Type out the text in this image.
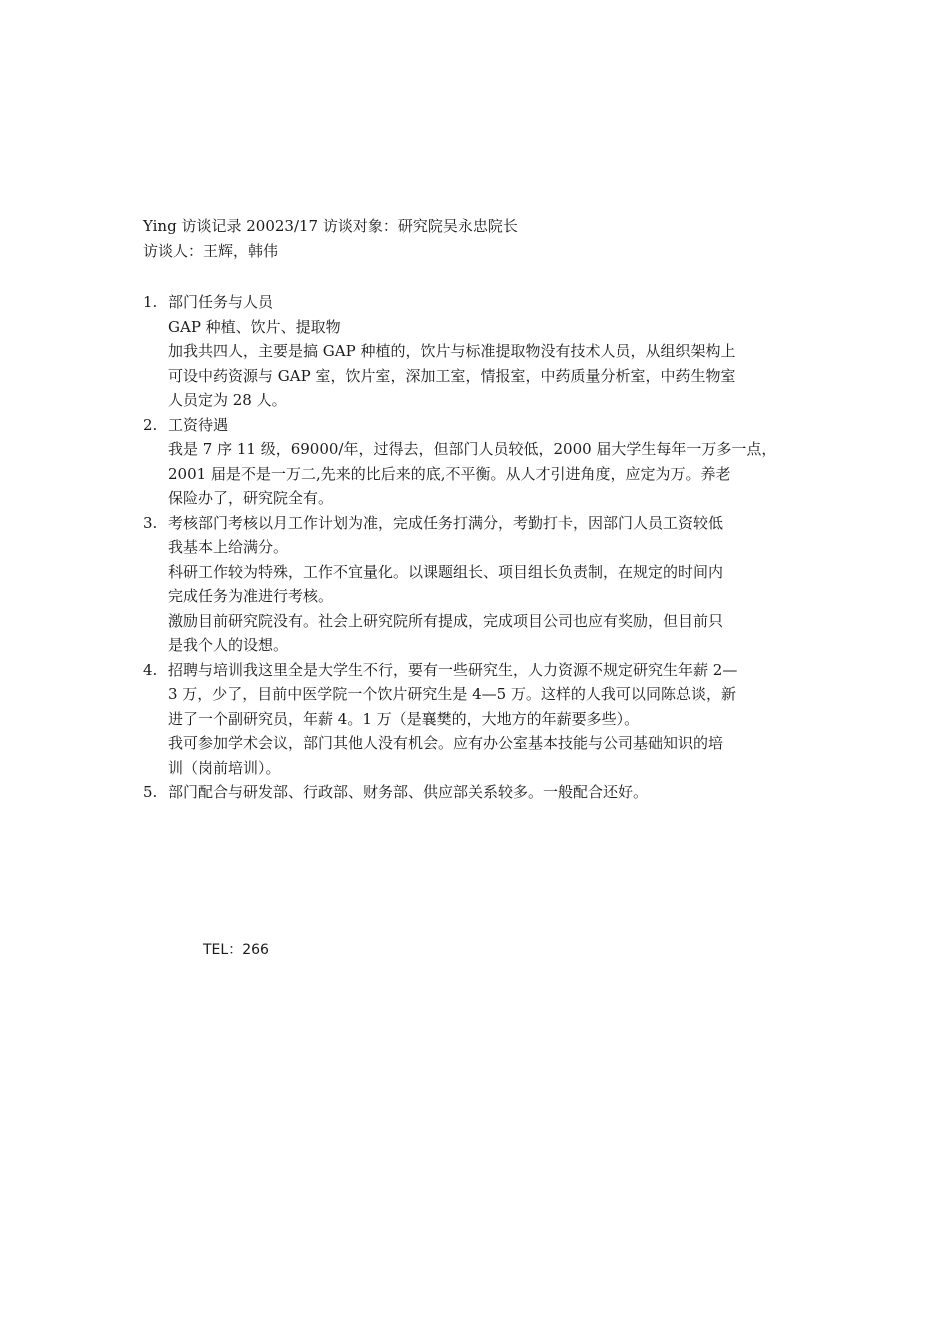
Ying 访谈记录 20023/17 访谈对象：研究院吴永忠院长
访谈人：王辉，韩伟
1. 部门任务与人员
GAP 种植、饮片、提取物
加我共四人，主要是搞 GAP 种植的，饮片与标准提取物没有技术人员，从组织架构上
可设中药资源与 GAP 室，饮片室，深加工室，情报室，中药质量分析室，中药生物室
人员定为 28 人。
2. 工资待遇
我是 7 序 11 级，69000/年，过得去，但部门人员较低，2000 届大学生每年一万多一点，
2001 届是不是一万二,先来的比后来的底,不平衡。从人才引进角度，应定为万。养老
保险办了，研究院全有。
3. 考核部门考核以月工作计划为准，完成任务打满分，考勤打卡，因部门人员工资较低
我基本上给满分。
科研工作较为特殊，工作不宜量化。以课题组长、项目组长负责制，在规定的时间内
完成任务为准进行考核。
激励目前研究院没有。社会上研究院所有提成，完成项目公司也应有奖励，但目前只
是我个人的设想。
4. 招聘与培训我这里全是大学生不行，要有一些研究生，人力资源不规定研究生年薪 2—
3 万，少了，目前中医学院一个饮片研究生是 4—5 万。这样的人我可以同陈总谈，新
进了一个副研究员，年薪 4。1 万（是襄樊的，大地方的年薪要多些）。
我可参加学术会议，部门其他人没有机会。应有办公室基本技能与公司基础知识的培
训（岗前培训）。
5. 部门配合与研发部、行政部、财务部、供应部关系较多。一般配合还好。
TEL：266
